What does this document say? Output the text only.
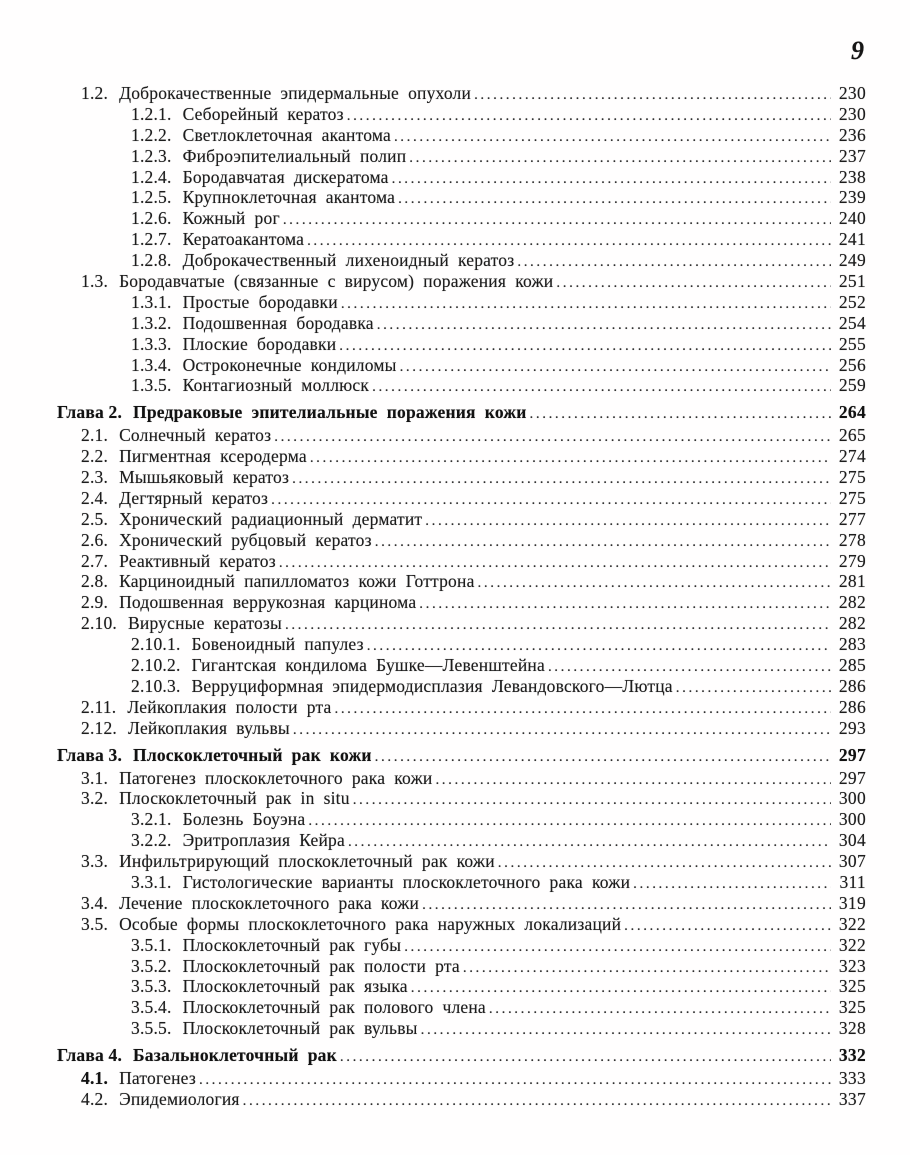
9
1.2. Доброкачественные эпидермальные опухоли .....	230
1.2.1. Себорейный кератоз .....	230
1.2.2. Светлоклеточная акантома .....	236
1.2.3. Фиброэпителиальный полип .....	237
1.2.4. Бородавчатая дискератома .....	238
1.2.5. Крупноклеточная акантома .....	239
1.2.6. Кожный рог .....	240
1.2.7. Кератоакантома .....	241
1.2.8. Доброкачественный лихеноидный кератоз .....	249
1.3. Бородавчатые (связанные с вирусом) поражения кожи .....	251
1.3.1. Простые бородавки .....	252
1.3.2. Подошвенная бородавка .....	254
1.3.3. Плоские бородавки .....	255
1.3.4. Остроконечные кондиломы .....	256
1.3.5. Контагиозный моллюск .....	259
Глава 2. Предраковые эпителиальные поражения кожи .....	264
2.1. Солнечный кератоз .....	265
2.2. Пигментная ксеродерма .....	274
2.3. Мышьяковый кератоз .....	275
2.4. Дегтярный кератоз .....	275
2.5. Хронический радиационный дерматит .....	277
2.6. Хронический рубцовый кератоз .....	278
2.7. Реактивный кератоз .....	279
2.8. Карциноидный папилломатоз кожи Готтрона .....	281
2.9. Подошвенная веррукозная карцинома .....	282
2.10. Вирусные кератозы .....	282
2.10.1. Бовеноидный папулез .....	283
2.10.2. Гигантская кондилома Бушке—Левенштейна .....	285
2.10.3. Верруциформная эпидермодисплазия Левандовского—Лютца .....	286
2.11. Лейкоплакия полости рта .....	286
2.12. Лейкоплакия вульвы .....	293
Глава 3. Плоскоклеточный рак кожи .....	297
3.1. Патогенез плоскоклеточного рака кожи .....	297
3.2. Плоскоклеточный рак in situ .....	300
3.2.1. Болезнь Боуэна .....	300
3.2.2. Эритроплазия Кейра .....	304
3.3. Инфильтрирующий плоскоклеточный рак кожи .....	307
3.3.1. Гистологические варианты плоскоклеточного рака кожи .....	311
3.4. Лечение плоскоклеточного рака кожи .....	319
3.5. Особые формы плоскоклеточного рака наружных локализаций .....	322
3.5.1. Плоскоклеточный рак губы .....	322
3.5.2. Плоскоклеточный рак полости рта .....	323
3.5.3. Плоскоклеточный рак языка .....	325
3.5.4. Плоскоклеточный рак полового члена .....	325
3.5.5. Плоскоклеточный рак вульвы .....	328
Глава 4. Базальноклеточный рак .....	332
4.1. Патогенез .....	333
4.2. Эпидемиология .....	337
